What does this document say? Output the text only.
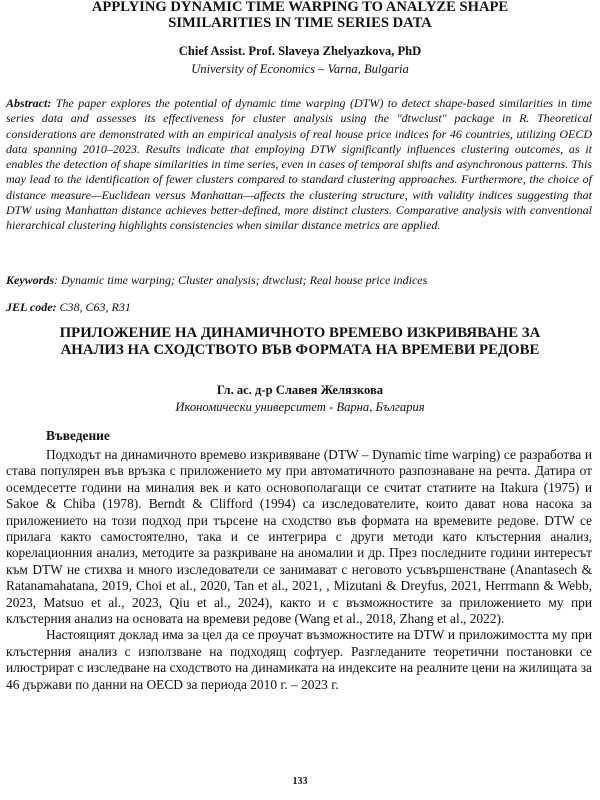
APPLYING DYNAMIC TIME WARPING TO ANALYZE SHAPE
SIMILARITIES IN TIME SERIES DATA

Chief Assist. Prof. Slaveya Zhelyazkova, PhD

University of Economics – Varna, Bulgaria

Abstract: The paper explores the potential of dynamic time warping (DTW) to detect shape-based similarities in time series data and assesses its effectiveness for cluster analysis using the "dtwclust" package in R. Theoretical considerations are demonstrated with an empirical analysis of real house price indices for 46 countries, utilizing OECD data spanning 2010–2023. Results indicate that employing DTW significantly influences clustering outcomes, as it enables the detection of shape similarities in time series, even in cases of temporal shifts and asynchronous patterns. This may lead to the identification of fewer clusters compared to standard clustering approaches. Furthermore, the choice of distance measure—Euclidean versus Manhattan—affects the clustering structure, with validity indices suggesting that DTW using Manhattan distance achieves better-defined, more distinct clusters. Comparative analysis with conventional hierarchical clustering highlights consistencies when similar distance metrics are applied.

Keywords: Dynamic time warping; Cluster analysis; dtwclust; Real house price indices

JEL code: C38, C63, R31

ПРИЛОЖЕНИЕ НА ДИНАМИЧНОТО ВРЕМЕВО ИЗКРИВЯВАНЕ ЗА
АНАЛИЗ НА СХОДСТВОТО ВЪВ ФОРМАТА НА ВРЕМЕВИ РЕДОВЕ

Гл. ас. д-р Славея Желязкова

Икономически университет - Варна, България

Въведение

Подходът на динамичното времево изкривяване (DTW – Dynamic time warping) се разработва и става популярен във връзка с приложението му при автоматичното разпознаване на речта. Датира от осемдесетте години на миналия век и като основополагащи се считат статиите на Itakura (1975) и Sakoe & Chiba (1978). Berndt & Clifford (1994) са изследователите, които дават нова насока за приложението на този подход при търсене на сходство във формата на времевите редове. DTW се прилага както самостоятелно, така и се интегрира с други методи като клъстерния анализ, корелационния анализ, методите за разкриване на аномалии и др. През последните години интересът към DTW не стихва и много изследователи се занимават с неговото усъвършенстване (Anantasech & Ratanamahatana, 2019, Choi et al., 2020, Tan et al., 2021, , Mizutani & Dreyfus, 2021, Herrmann & Webb, 2023, Matsuo et al., 2023, Qiu et al., 2024), както и с възможностите за приложението му при клъстерния анализ на основата на времеви редове (Wang et al., 2018, Zhang et al., 2022).

Настоящият доклад има за цел да се проучат възможностите на DTW и приложимостта му при клъстерния анализ с използване на подходящ софтуер. Разгледаните теоретични постановки се илюстрират с изследване на сходството на динамиката на индексите на реалните цени на жилищата за 46 държави по данни на OECD за периода 2010 г. – 2023 г.

133
